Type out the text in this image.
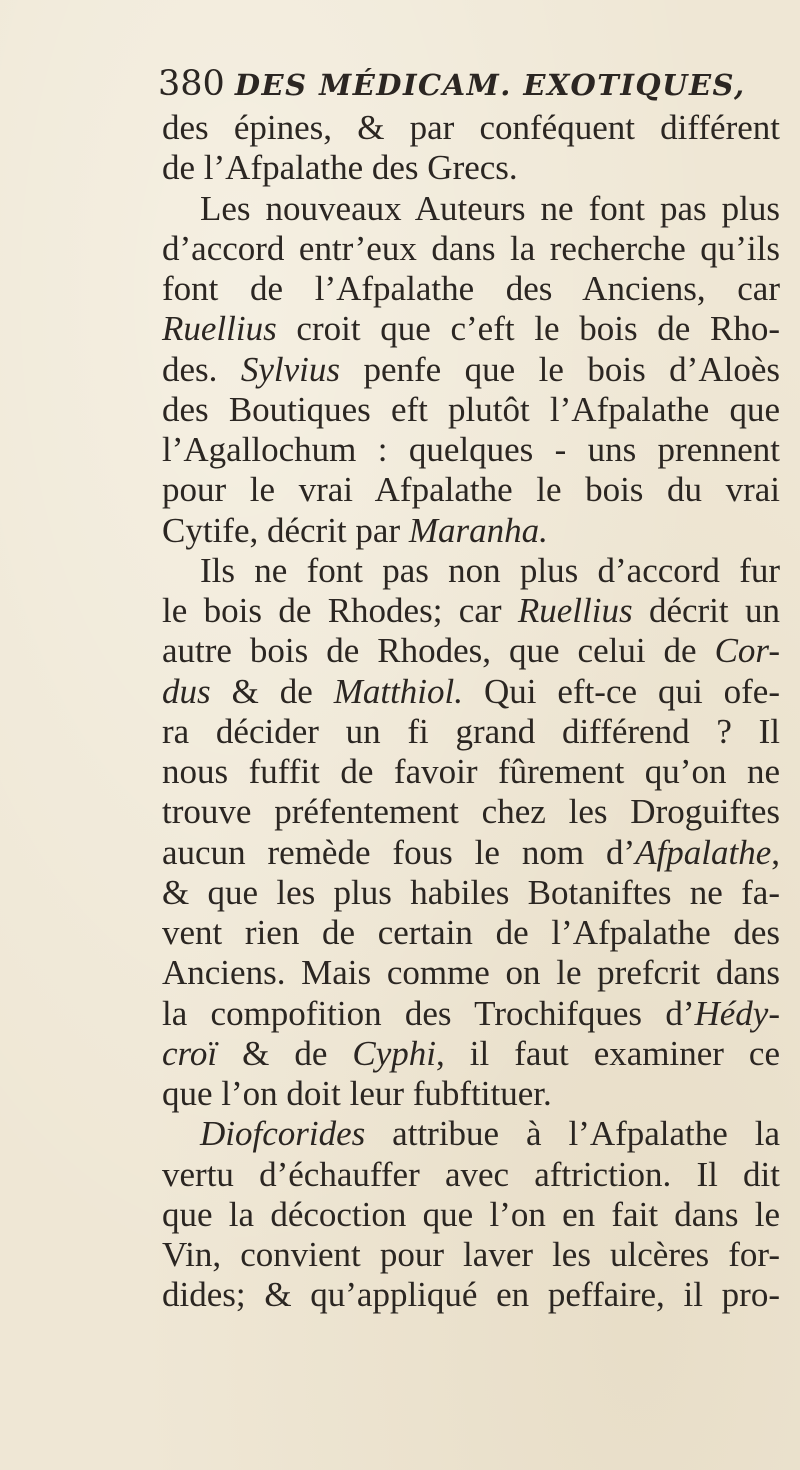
380 DES MÉDICAM. EXOTIQUES,
des épines, & par conféquent différent
de l’Afpalathe des Grecs.
Les nouveaux Auteurs ne font pas plus
d’accord entr’eux dans la recherche qu’ils
font de l’Afpalathe des Anciens, car
Ruellius croit que c’eft le bois de Rho-
des. Sylvius penfe que le bois d’Aloès
des Boutiques eft plutôt l’Afpalathe que
l’Agallochum : quelques - uns prennent
pour le vrai Afpalathe le bois du vrai
Cytife, décrit par Maranha.
Ils ne font pas non plus d’accord fur
le bois de Rhodes; car Ruellius décrit un
autre bois de Rhodes, que celui de Cor-
dus & de Matthiol. Qui eft-ce qui ofe-
ra décider un fi grand différend ? Il
nous fuffit de favoir fûrement qu’on ne
trouve préfentement chez les Droguiftes
aucun remède fous le nom d’Afpalathe,
& que les plus habiles Botaniftes ne fa-
vent rien de certain de l’Afpalathe des
Anciens. Mais comme on le prefcrit dans
la compofition des Trochifques d’Hédy-
croï & de Cyphi, il faut examiner ce
que l’on doit leur fubftituer.
Diofcorides attribue à l’Afpalathe la
vertu d’échauffer avec aftriction. Il dit
que la décoction que l’on en fait dans le
Vin, convient pour laver les ulcères for-
dides; & qu’appliqué en peffaire, il pro-
